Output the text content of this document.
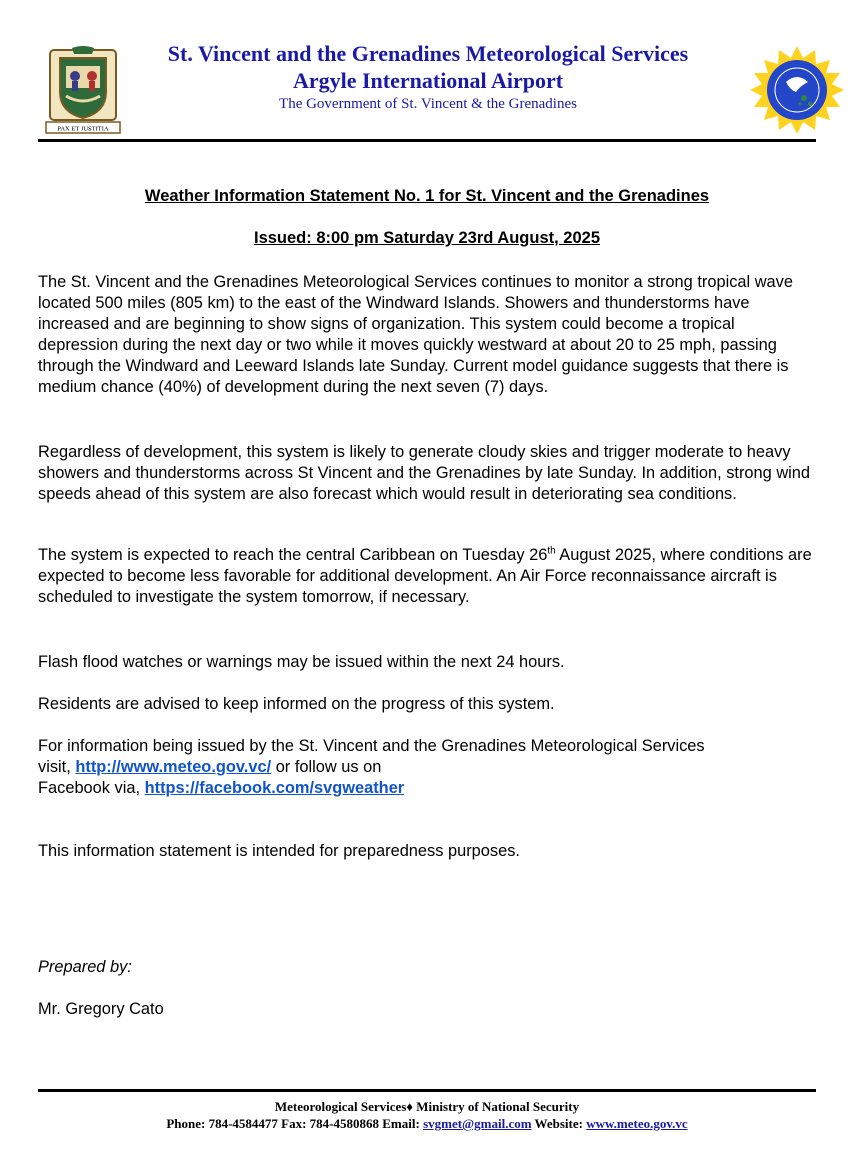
PAX ET JUSTITIA
St. Vincent and the Grenadines Meteorological Services
Argyle International Airport
The Government of St. Vincent & the Grenadines
Weather Information Statement No. 1 for St. Vincent and the Grenadines
Issued: 8:00 pm Saturday 23rd August, 2025

The St. Vincent and the Grenadines Meteorological Services continues to monitor a strong tropical wave located 500 miles (805 km) to the east of the Windward Islands. Showers and thunderstorms have increased and are beginning to show signs of organization. This system could become a tropical depression during the next day or two while it moves quickly westward at about 20 to 25 mph, passing through the Windward and Leeward Islands late Sunday. Current model guidance suggests that there is medium chance (40%) of development during the next seven (7) days.

Regardless of development, this system is likely to generate cloudy skies and trigger moderate to heavy showers and thunderstorms across St Vincent and the Grenadines by late Sunday. In addition, strong wind speeds ahead of this system are also forecast which would result in deteriorating sea conditions.

The system is expected to reach the central Caribbean on Tuesday 26th August 2025, where conditions are expected to become less favorable for additional development. An Air Force reconnaissance aircraft is scheduled to investigate the system tomorrow, if necessary.

Flash flood watches or warnings may be issued within the next 24 hours.

Residents are advised to keep informed on the progress of this system.

For information being issued by the St. Vincent and the Grenadines Meteorological Services visit, http://www.meteo.gov.vc/ or follow us on
Facebook via, https://facebook.com/svgweather

This information statement is intended for preparedness purposes.

Prepared by:
Mr. Gregory Cato
Meteorological Services♦ Ministry of National Security
Phone: 784-4584477 Fax: 784-4580868 Email: svgmet@gmail.com Website: www.meteo.gov.vc
